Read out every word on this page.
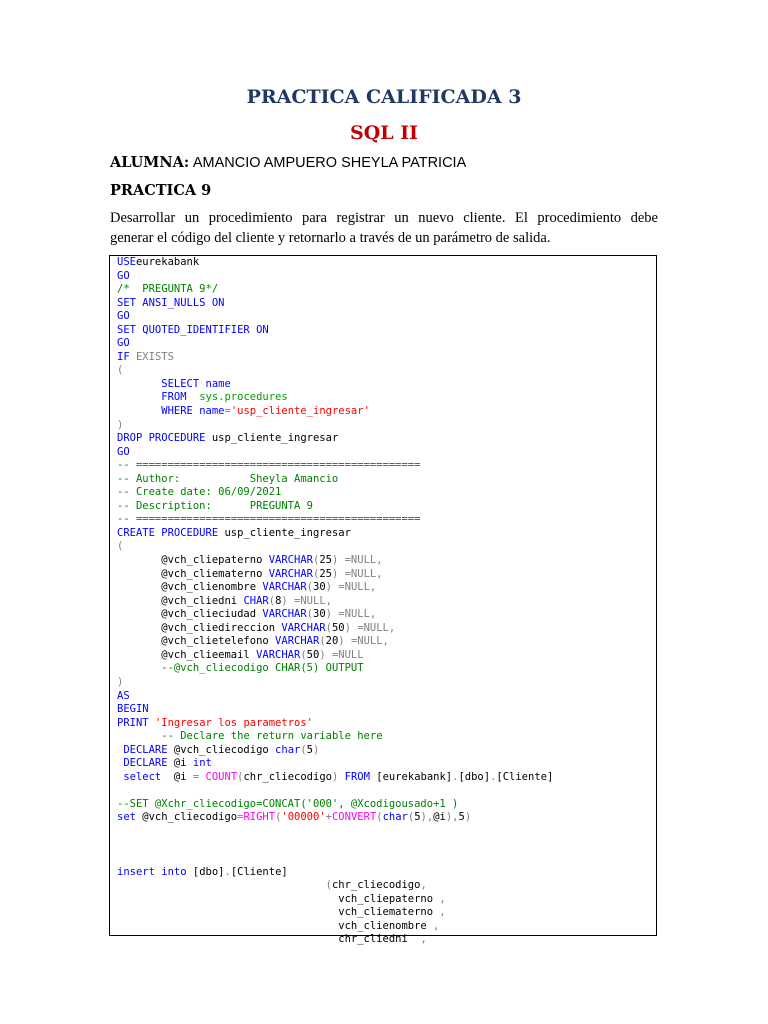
PRACTICA CALIFICADA 3
SQL II
ALUMNA: AMANCIO AMPUERO SHEYLA PATRICIA
PRACTICA 9
Desarrollar un procedimiento para registrar un nuevo cliente. El procedimiento debe
generar el código del cliente y retornarlo a través de un parámetro de salida.
USEeurekabank
GO
/*  PREGUNTA 9*/
SET ANSI_NULLS ON
GO
SET QUOTED_IDENTIFIER ON
GO
IF EXISTS
(
SELECT name
FROM  sys.procedures
WHERE name='usp_cliente_ingresar'
)
DROP PROCEDURE usp_cliente_ingresar
GO
-- =============================================
-- Author:           Sheyla Amancio
-- Create date: 06/09/2021
-- Description:      PREGUNTA 9
-- =============================================
CREATE PROCEDURE usp_cliente_ingresar
(
@vch_cliepaterno VARCHAR(25) =NULL,
@vch_cliematerno VARCHAR(25) =NULL,
@vch_clienombre VARCHAR(30) =NULL,
@vch_cliedni CHAR(8) =NULL,
@vch_clieciudad VARCHAR(30) =NULL,
@vch_cliedireccion VARCHAR(50) =NULL,
@vch_clietelefono VARCHAR(20) =NULL,
@vch_clieemail VARCHAR(50) =NULL
--@vch_cliecodigo CHAR(5) OUTPUT
)
AS
BEGIN
PRINT 'Ingresar los parametros'
-- Declare the return variable here
DECLARE @vch_cliecodigo char(5)
DECLARE @i int
select  @i = COUNT(chr_cliecodigo) FROM [eurekabank].[dbo].[Cliente]

--SET @Xchr_cliecodigo=CONCAT('000', @Xcodigousado+1 )
set @vch_cliecodigo=RIGHT('00000'+CONVERT(char(5),@i),5)

insert into [dbo].[Cliente]
(chr_cliecodigo,
vch_cliepaterno ,
vch_cliematerno ,
vch_clienombre ,
chr_cliedni  ,
